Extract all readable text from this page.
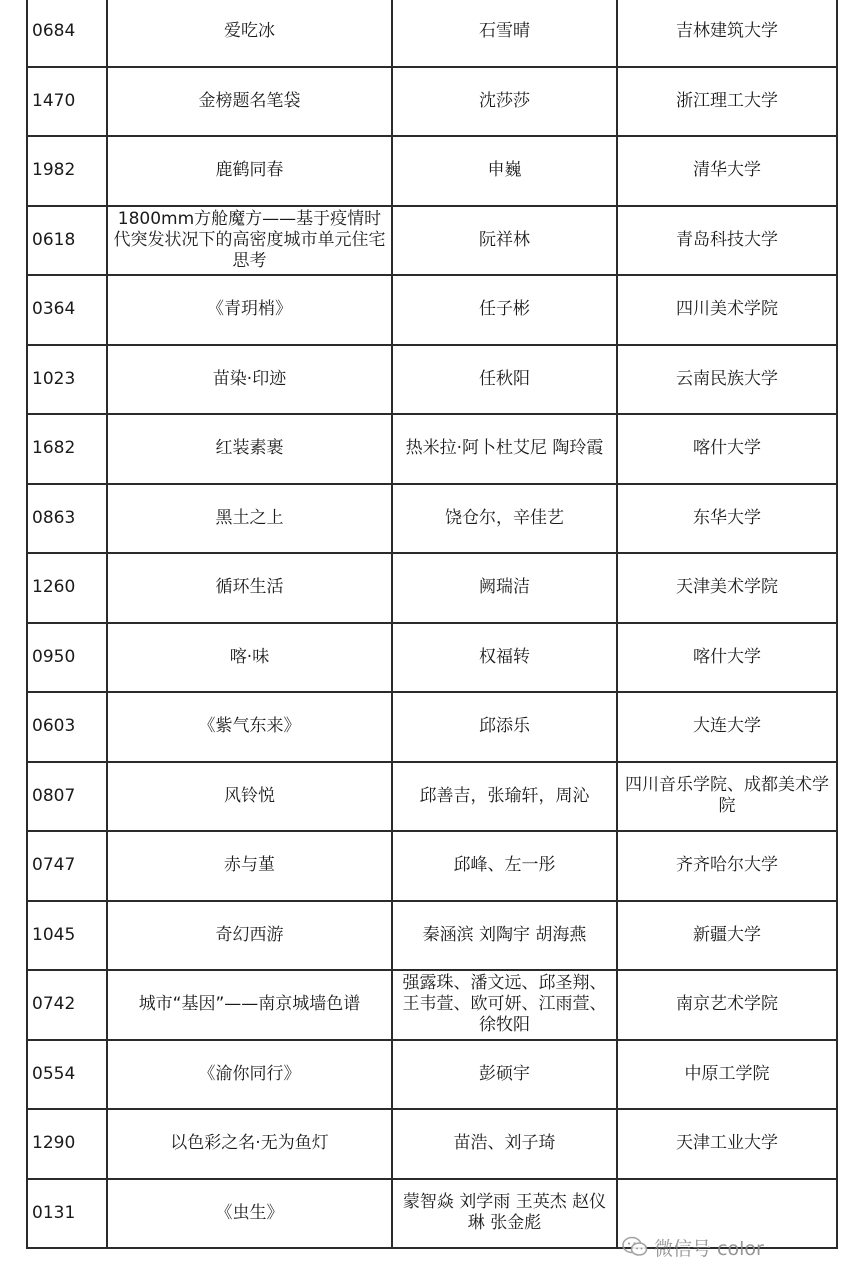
0684	爱吃冰	石雪晴	吉林建筑大学

1470	金榜题名笔袋	沈莎莎	浙江理工大学

1982	鹿鹤同春	申巍	清华大学

0618	1800mm方舱魔方——基于疫情时代突发状况下的高密度城市单元住宅思考	阮祥林	青岛科技大学

0364	《青玥梢》	任子彬	四川美术学院

1023	苗染·印迹	任秋阳	云南民族大学

1682	红装素裹	热米拉·阿卜杜艾尼 陶玲霞	喀什大学

0863	黑土之上	饶仓尔，辛佳艺	东华大学

1260	循环生活	阙瑞洁	天津美术学院

0950	喀·味	权福转	喀什大学

0603	《紫气东来》	邱添乐	大连大学

0807	风铃悦	邱善吉，张瑜轩，周沁	四川音乐学院、成都美术学院

0747	赤与堇	邱峰、左一彤	齐齐哈尔大学

1045	奇幻西游	秦涵滨 刘陶宇 胡海燕	新疆大学

0742	城市“基因”——南京城墙色谱	强露珠、潘文远、邱圣翔、王韦萱、欧可妍、江雨萱、徐牧阳	南京艺术学院

0554	《渝你同行》	彭硕宇	中原工学院

1290	以色彩之名·无为鱼灯	苗浩、刘子琦	天津工业大学

0131	《虫生》	蒙智焱 刘学雨 王英杰 赵仪琳 张金彪	

微信号 color
